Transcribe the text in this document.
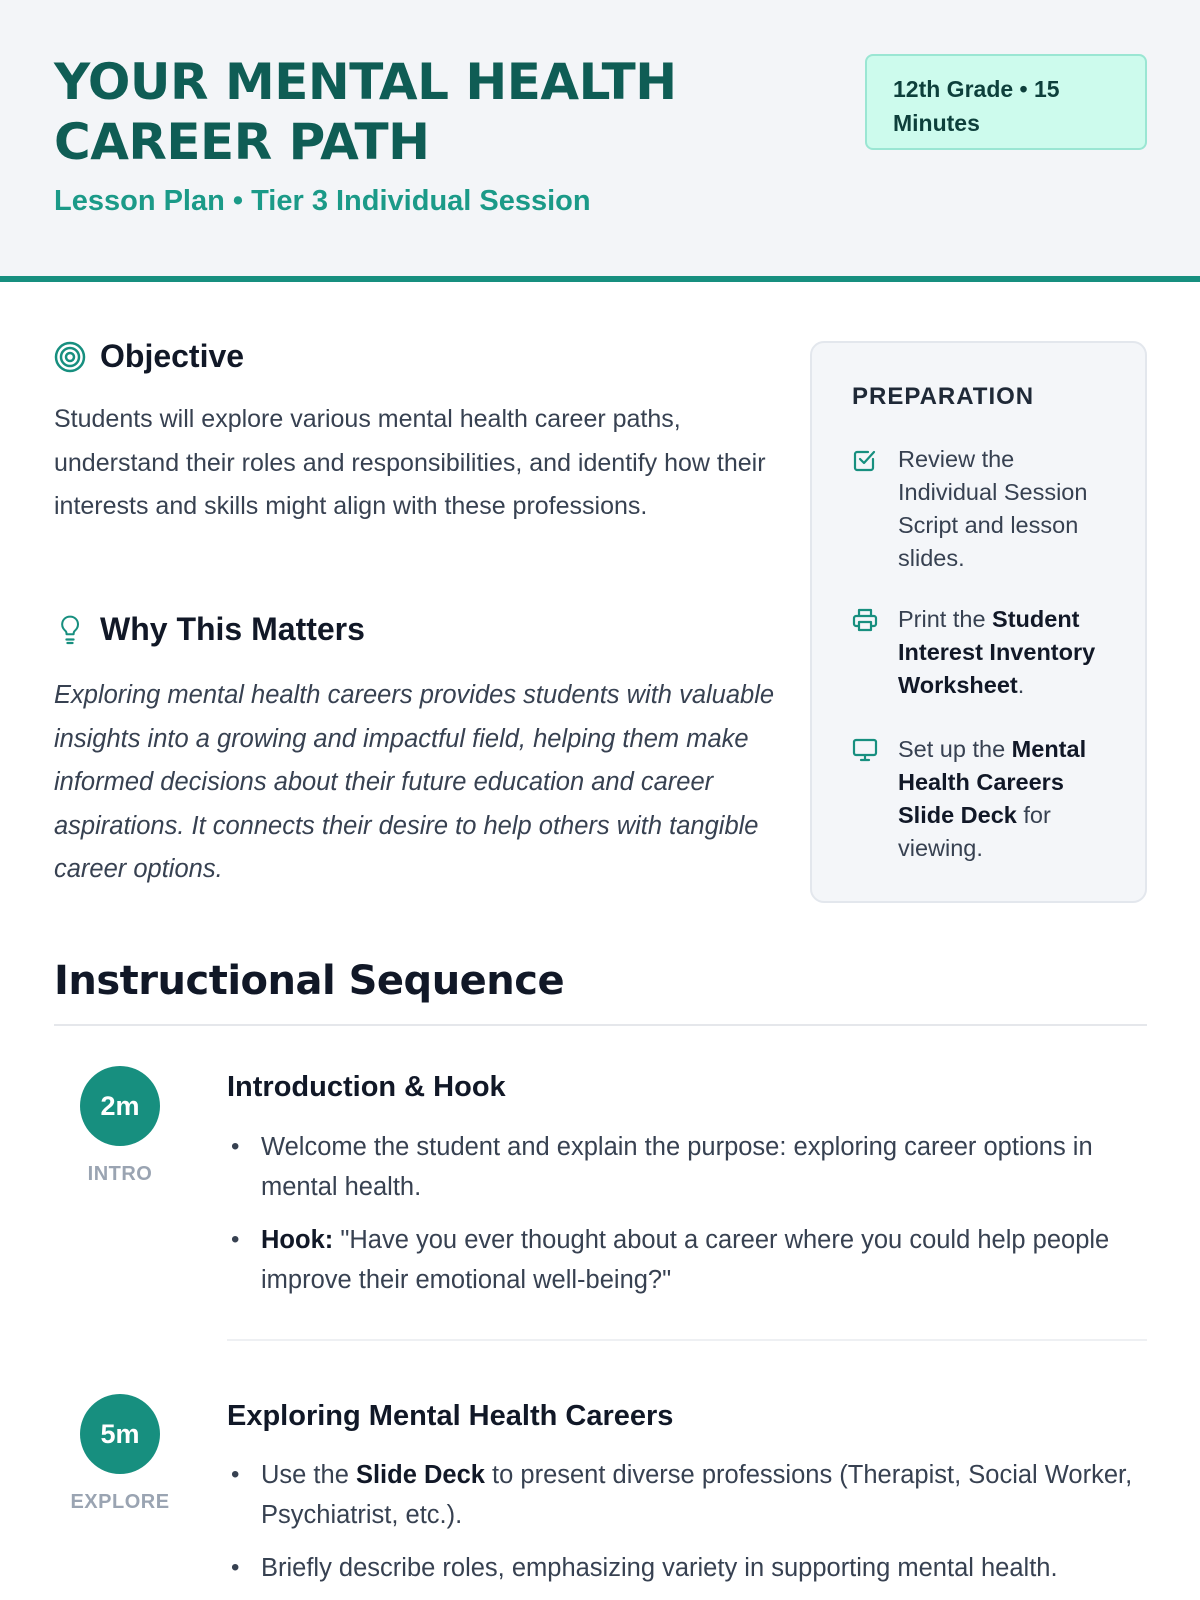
YOUR MENTAL HEALTH CAREER PATH
Lesson Plan • Tier 3 Individual Session
12th Grade • 15 Minutes
Objective

Students will explore various mental health career paths, understand their roles and responsibilities, and identify how their interests and skills might align with these professions.

Why This Matters

Exploring mental health careers provides students with valuable insights into a growing and impactful field, helping them make informed decisions about their future education and career aspirations. It connects their desire to help others with tangible career options.

PREPARATION
Review the Individual Session Script and lesson slides.
Print the Student Interest Inventory Worksheet.
Set up the Mental Health Careers Slide Deck for viewing.
Instructional Sequence
2m
INTRO
Introduction & Hook
• Welcome the student and explain the purpose: exploring career options in mental health.
• Hook: "Have you ever thought about a career where you could help people improve their emotional well-being?"
5m
EXPLORE
Exploring Mental Health Careers
• Use the Slide Deck to present diverse professions (Therapist, Social Worker, Psychiatrist, etc.).
• Briefly describe roles, emphasizing variety in supporting mental health.
